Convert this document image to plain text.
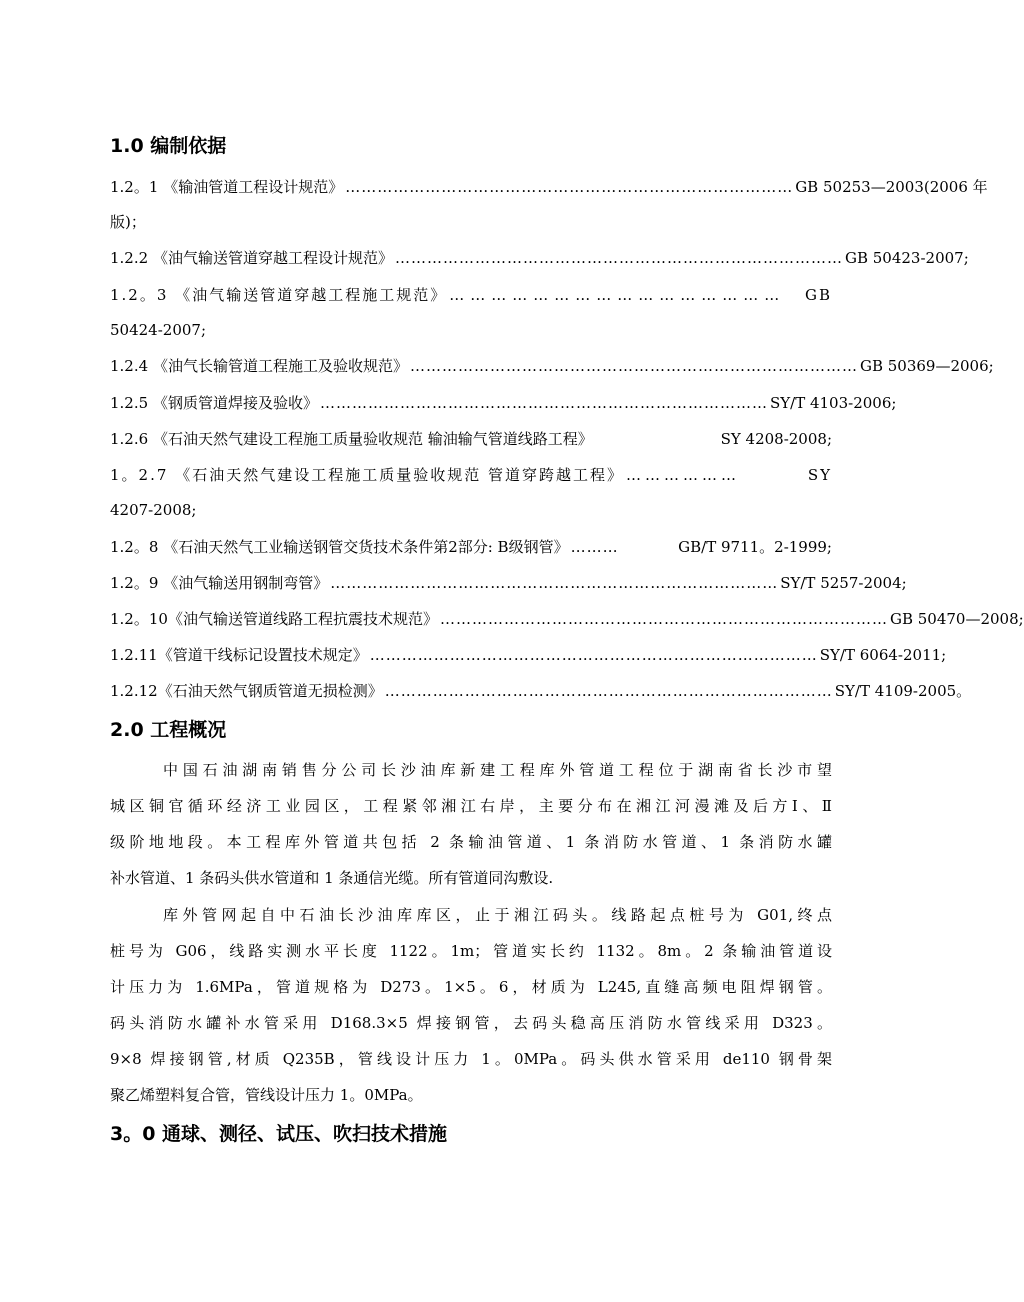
1.0 编制依据
1.2。1 《输油管道工程设计规范》 ………………………………………………………………………… GB 50253—2003(2006 年
版)；
1.2.2 《油气输送管道穿越工程设计规范》 ………………………………………………………………………… GB 50423-2007;
1.2。3 《油气输送管道穿越工程施工规范》 …………………………………………	GB
50424-2007;
1.2.4 《油气长输管道工程施工及验收规范》 ………………………………………………………………………… GB 50369—2006;
1.2.5 《钢质管道焊接及验收》 ………………………………………………………………………… SY/T 4103-2006;
1.2.6 《石油天然气建设工程施工质量验收规范 输油输气管道线路工程》	SY 4208-2008;
1。2.7 《石油天然气建设工程施工质量验收规范 管道穿跨越工程》 ………………	SY
4207-2008;
1.2。8 《石油天然气工业输送钢管交货技术条件第2部分: B级钢管》 ………	GB/T 9711。2-1999;
1.2。9 《油气输送用钢制弯管》 ………………………………………………………………………… SY/T 5257-2004;
1.2。10《油气输送管道线路工程抗震技术规范》 ………………………………………………………………………… GB 50470—2008;
1.2.11《管道干线标记设置技术规定》 ………………………………………………………………………… SY/T 6064-2011;
1.2.12《石油天然气钢质管道无损检测》 ………………………………………………………………………… SY/T 4109-2005。
2.0 工程概况
中国石油湖南销售分公司长沙油库新建工程库外管道工程位于湖南省长沙市望
城区铜官循环经济工业园区，工程紧邻湘江右岸，主要分布在湘江河漫滩及后方Ⅰ、Ⅱ
级阶地地段。本工程库外管道共包括 2 条输油管道、1 条消防水管道、1 条消防水罐
补水管道、1 条码头供水管道和 1 条通信光缆。所有管道同沟敷设.
库外管网起自中石油长沙油库库区，止于湘江码头。线路起点桩号为 G01,终点
桩号为 G06，线路实测水平长度 1122。1m；管道实长约 1132。8m。2 条输油管道设
计压力为 1.6MPa，管道规格为 D273。1×5。6，材质为 L245,直缝高频电阻焊钢管。
码头消防水罐补水管采用 D168.3×5 焊接钢管，去码头稳高压消防水管线采用 D323。
9×8 焊接钢管,材质 Q235B，管线设计压力 1。0MPa。码头供水管采用 de110 钢骨架
聚乙烯塑料复合管，管线设计压力 1。0MPa。
3。0 通球、测径、试压、吹扫技术措施
